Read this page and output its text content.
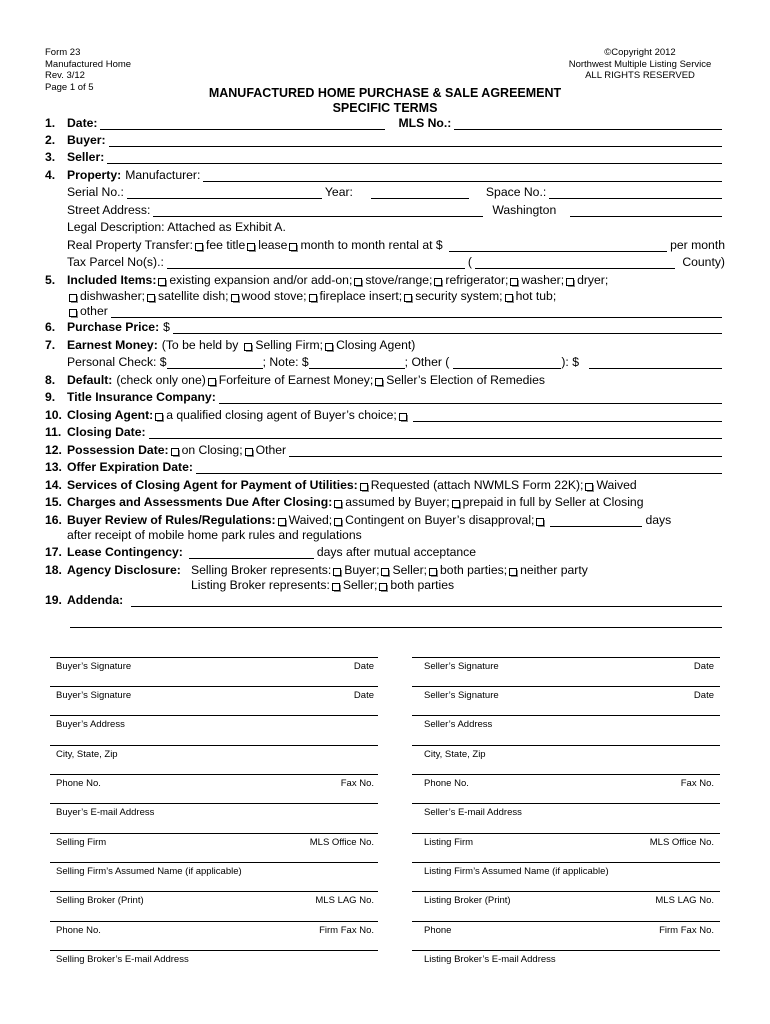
Form 23
Manufactured Home
Rev. 3/12
Page 1 of 5
©Copyright 2012
Northwest Multiple Listing Service
ALL RIGHTS RESERVED
MANUFACTURED HOME PURCHASE & SALE AGREEMENT
SPECIFIC TERMS
1. Date:	MLS No.:
2. Buyer:
3. Seller:
4. Property: Manufacturer:
Serial No.:	Year:	Space No.:
Street Address:	Washington
Legal Description: Attached as Exhibit A.
Real Property Transfer: fee title lease month to month rental at $	per month
Tax Parcel No(s).:	(	County)
5. Included Items: existing expansion and/or add-on; stove/range; refrigerator; washer; dryer;
dishwasher; satellite dish; wood stove; fireplace insert; security system; hot tub;
other
6. Purchase Price: $
7. Earnest Money: (To be held by Selling Firm; Closing Agent)
Personal Check: $	; Note: $	; Other (	): $
8. Default: (check only one) Forfeiture of Earnest Money; Seller’s Election of Remedies
9. Title Insurance Company:
10. Closing Agent: a qualified closing agent of Buyer’s choice;
11. Closing Date:
12. Possession Date: on Closing; Other
13. Offer Expiration Date:
14. Services of Closing Agent for Payment of Utilities: Requested (attach NWMLS Form 22K); Waived
15. Charges and Assessments Due After Closing: assumed by Buyer; prepaid in full by Seller at Closing
16. Buyer Review of Rules/Regulations: Waived; Contingent on Buyer’s disapproval;	days
after receipt of mobile home park rules and regulations
17. Lease Contingency:	days after mutual acceptance
18. Agency Disclosure: Selling Broker represents: Buyer; Seller; both parties; neither party
Listing Broker represents: Seller; both parties
19. Addenda:
Buyer’s Signature	Date
Buyer’s Signature	Date
Buyer’s Address
City, State, Zip
Phone No.	Fax No.
Buyer’s E-mail Address
Selling Firm	MLS Office No.
Selling Firm’s Assumed Name (if applicable)
Selling Broker (Print)	MLS LAG No.
Phone No.	Firm Fax No.
Selling Broker’s E-mail Address
Seller’s Signature	Date
Seller’s Signature	Date
Seller’s Address
City, State, Zip
Phone No.	Fax No.
Seller’s E-mail Address
Listing Firm	MLS Office No.
Listing Firm’s Assumed Name (if applicable)
Listing Broker (Print)	MLS LAG No.
Phone	Firm Fax No.
Listing Broker’s E-mail Address
